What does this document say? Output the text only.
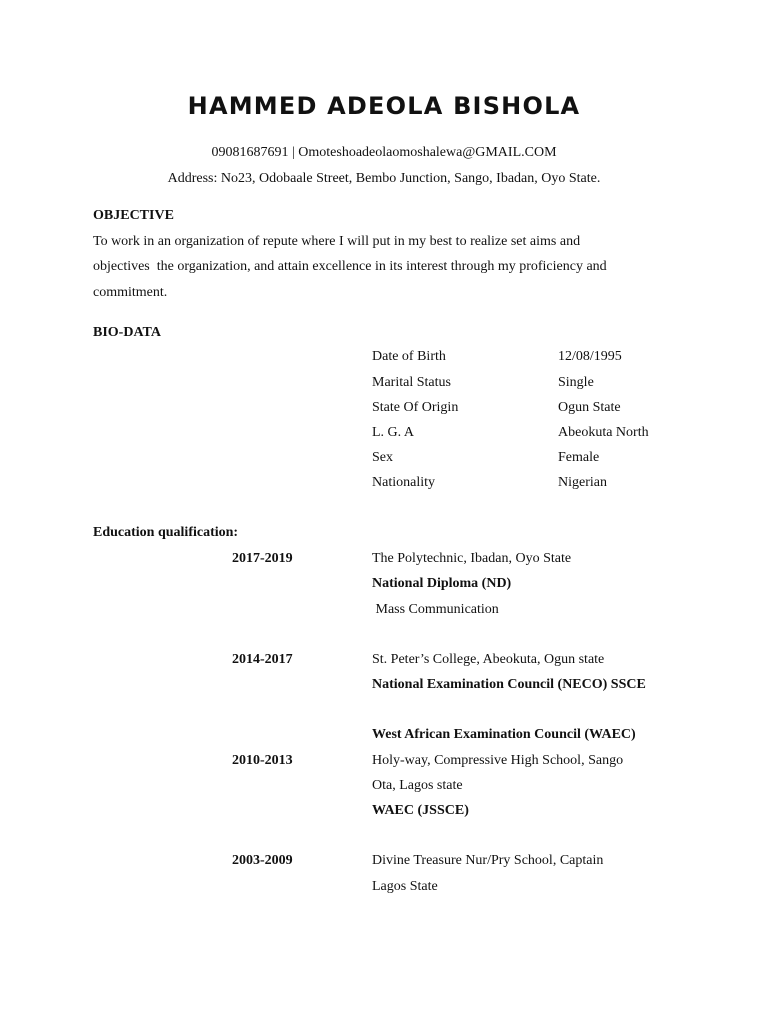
HAMMED ADEOLA BISHOLA
09081687691 | Omoteshoadeolaomoshalewa@GMAIL.COM
Address: No23, Odobaale Street, Bembo Junction, Sango, Ibadan, Oyo State.
OBJECTIVE
To work in an organization of repute where I will put in my best to realize set aims and
objectives  the organization, and attain excellence in its interest through my proficiency and
commitment.
BIO-DATA
Date of Birth	12/08/1995
Marital Status	Single
State Of Origin	Ogun State
L. G. A	Abeokuta North
Sex	Female
Nationality	Nigerian
Education qualification:
2017-2019	The Polytechnic, Ibadan, Oyo State
National Diploma (ND)
Mass Communication
2014-2017	St. Peter’s College, Abeokuta, Ogun state
National Examination Council (NECO) SSCE
West African Examination Council (WAEC)
2010-2013	Holy-way, Compressive High School, Sango
Ota, Lagos state
WAEC (JSSCE)
2003-2009	Divine Treasure Nur/Pry School, Captain
Lagos State
